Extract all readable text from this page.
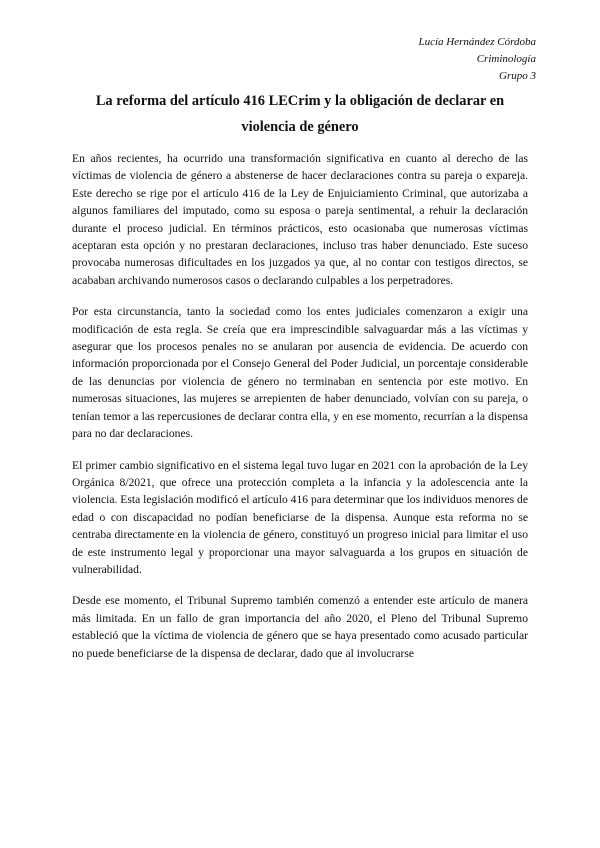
Lucía Hernández Córdoba
Criminología
Grupo 3
La reforma del artículo 416 LECrim y la obligación de declarar en violencia de género

En años recientes, ha ocurrido una transformación significativa en cuanto al derecho de las víctimas de violencia de género a abstenerse de hacer declaraciones contra su pareja o expareja. Este derecho se rige por el artículo 416 de la Ley de Enjuiciamiento Criminal, que autorizaba a algunos familiares del imputado, como su esposa o pareja sentimental, a rehuir la declaración durante el proceso judicial. En términos prácticos, esto ocasionaba que numerosas víctimas aceptaran esta opción y no prestaran declaraciones, incluso tras haber denunciado. Este suceso provocaba numerosas dificultades en los juzgados ya que, al no contar con testigos directos, se acababan archivando numerosos casos o declarando culpables a los perpetradores.

Por esta circunstancia, tanto la sociedad como los entes judiciales comenzaron a exigir una modificación de esta regla. Se creía que era imprescindible salvaguardar más a las víctimas y asegurar que los procesos penales no se anularan por ausencia de evidencia. De acuerdo con información proporcionada por el Consejo General del Poder Judicial, un porcentaje considerable de las denuncias por violencia de género no terminaban en sentencia por este motivo. En numerosas situaciones, las mujeres se arrepienten de haber denunciado, volvían con su pareja, o tenían temor a las repercusiones de declarar contra ella, y en ese momento, recurrían a la dispensa para no dar declaraciones.

El primer cambio significativo en el sistema legal tuvo lugar en 2021 con la aprobación de la Ley Orgánica 8/2021, que ofrece una protección completa a la infancia y la adolescencia ante la violencia. Esta legislación modificó el artículo 416 para determinar que los individuos menores de edad o con discapacidad no podían beneficiarse de la dispensa. Aunque esta reforma no se centraba directamente en la violencia de género, constituyó un progreso inicial para limitar el uso de este instrumento legal y proporcionar una mayor salvaguarda a los grupos en situación de vulnerabilidad.

Desde ese momento, el Tribunal Supremo también comenzó a entender este artículo de manera más limitada. En un fallo de gran importancia del año 2020, el Pleno del Tribunal Supremo estableció que la víctima de violencia de género que se haya presentado como acusado particular no puede beneficiarse de la dispensa de declarar, dado que al involucrarse
